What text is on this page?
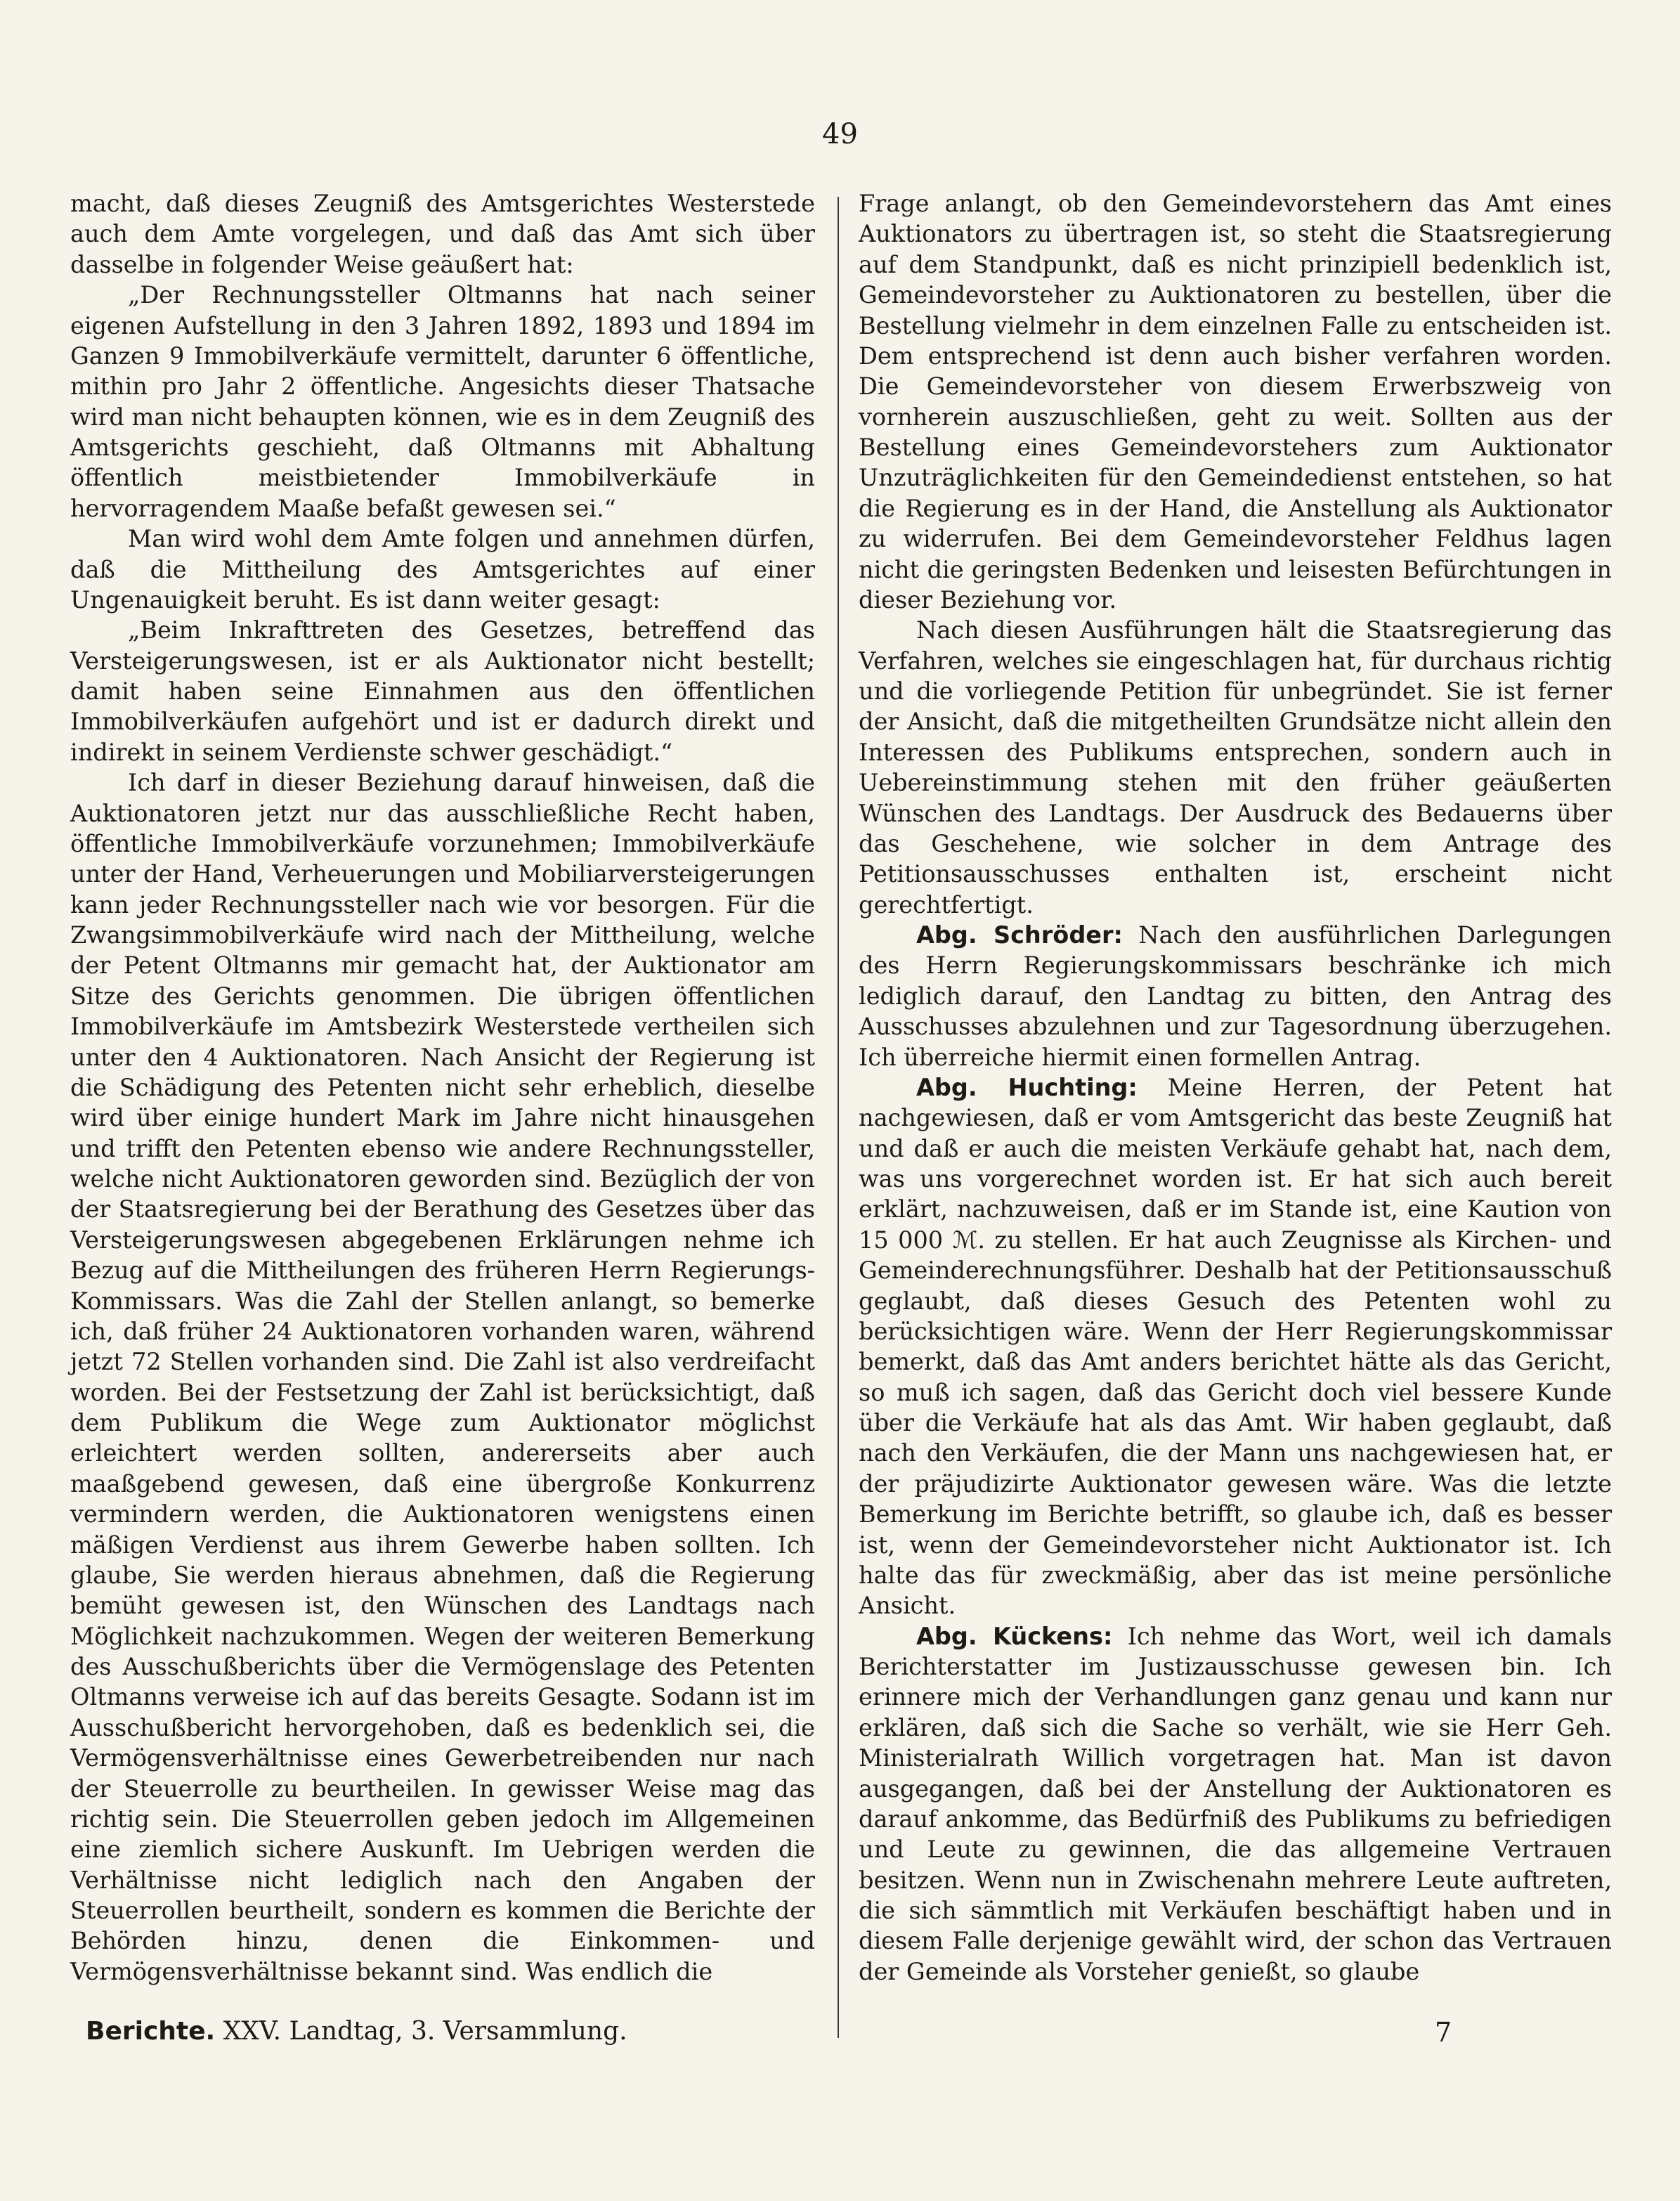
49

macht, daß dieses Zeugniß des Amtsgerichtes Westerstede auch dem Amte vorgelegen, und daß das Amt sich über dasselbe in folgender Weise geäußert hat:

„Der Rechnungssteller Oltmanns hat nach seiner eigenen Aufstellung in den 3 Jahren 1892, 1893 und 1894 im Ganzen 9 Immobilverkäufe vermittelt, darunter 6 öffentliche, mithin pro Jahr 2 öffentliche. Angesichts dieser Thatsache wird man nicht behaupten können, wie es in dem Zeugniß des Amtsgerichts geschieht, daß Oltmanns mit Abhaltung öffentlich meistbietender Immobilverkäufe in hervorragendem Maaße befaßt gewesen sei.“

Man wird wohl dem Amte folgen und annehmen dürfen, daß die Mittheilung des Amtsgerichtes auf einer Ungenauigkeit beruht. Es ist dann weiter gesagt:

„Beim Inkrafttreten des Gesetzes, betreffend das Versteigerungswesen, ist er als Auktionator nicht bestellt; damit haben seine Einnahmen aus den öffentlichen Immobilverkäufen aufgehört und ist er dadurch direkt und indirekt in seinem Verdienste schwer geschädigt.“

Ich darf in dieser Beziehung darauf hinweisen, daß die Auktionatoren jetzt nur das ausschließliche Recht haben, öffentliche Immobilverkäufe vorzunehmen; Immobilverkäufe unter der Hand, Verheuerungen und Mobiliarversteigerungen kann jeder Rechnungssteller nach wie vor besorgen. Für die Zwangsimmobilverkäufe wird nach der Mittheilung, welche der Petent Oltmanns mir gemacht hat, der Auktionator am Sitze des Gerichts genommen. Die übrigen öffentlichen Immobilverkäufe im Amtsbezirk Westerstede vertheilen sich unter den 4 Auktionatoren. Nach Ansicht der Regierung ist die Schädigung des Petenten nicht sehr erheblich, dieselbe wird über einige hundert Mark im Jahre nicht hinausgehen und trifft den Petenten ebenso wie andere Rechnungssteller, welche nicht Auktionatoren geworden sind. Bezüglich der von der Staatsregierung bei der Berathung des Gesetzes über das Versteigerungswesen abgegebenen Erklärungen nehme ich Bezug auf die Mittheilungen des früheren Herrn Regierungs-Kommissars. Was die Zahl der Stellen anlangt, so bemerke ich, daß früher 24 Auktionatoren vorhanden waren, während jetzt 72 Stellen vorhanden sind. Die Zahl ist also verdreifacht worden. Bei der Festsetzung der Zahl ist berücksichtigt, daß dem Publikum die Wege zum Auktionator möglichst erleichtert werden sollten, andererseits aber auch maaßgebend gewesen, daß eine übergroße Konkurrenz vermindern werden, die Auktionatoren wenigstens einen mäßigen Verdienst aus ihrem Gewerbe haben sollten. Ich glaube, Sie werden hieraus abnehmen, daß die Regierung bemüht gewesen ist, den Wünschen des Landtags nach Möglichkeit nachzukommen. Wegen der weiteren Bemerkung des Ausschußberichts über die Vermögenslage des Petenten Oltmanns verweise ich auf das bereits Gesagte. Sodann ist im Ausschußbericht hervorgehoben, daß es bedenklich sei, die Vermögensverhältnisse eines Gewerbetreibenden nur nach der Steuerrolle zu beurtheilen. In gewisser Weise mag das richtig sein. Die Steuerrollen geben jedoch im Allgemeinen eine ziemlich sichere Auskunft. Im Uebrigen werden die Verhältnisse nicht lediglich nach den Angaben der Steuerrollen beurtheilt, sondern es kommen die Berichte der Behörden hinzu, denen die Einkommen- und Vermögensverhältnisse bekannt sind. Was endlich die

Frage anlangt, ob den Gemeindevorstehern das Amt eines Auktionators zu übertragen ist, so steht die Staatsregierung auf dem Standpunkt, daß es nicht prinzipiell bedenklich ist, Gemeindevorsteher zu Auktionatoren zu bestellen, über die Bestellung vielmehr in dem einzelnen Falle zu entscheiden ist. Dem entsprechend ist denn auch bisher verfahren worden. Die Gemeindevorsteher von diesem Erwerbszweig von vornherein auszuschließen, geht zu weit. Sollten aus der Bestellung eines Gemeindevorstehers zum Auktionator Unzuträglichkeiten für den Gemeindedienst entstehen, so hat die Regierung es in der Hand, die Anstellung als Auktionator zu widerrufen. Bei dem Gemeindevorsteher Feldhus lagen nicht die geringsten Bedenken und leisesten Befürchtungen in dieser Beziehung vor.

Nach diesen Ausführungen hält die Staatsregierung das Verfahren, welches sie eingeschlagen hat, für durchaus richtig und die vorliegende Petition für unbegründet. Sie ist ferner der Ansicht, daß die mitgetheilten Grundsätze nicht allein den Interessen des Publikums entsprechen, sondern auch in Uebereinstimmung stehen mit den früher geäußerten Wünschen des Landtags. Der Ausdruck des Bedauerns über das Geschehene, wie solcher in dem Antrage des Petitionsausschusses enthalten ist, erscheint nicht gerechtfertigt.

Abg. Schröder: Nach den ausführlichen Darlegungen des Herrn Regierungskommissars beschränke ich mich lediglich darauf, den Landtag zu bitten, den Antrag des Ausschusses abzulehnen und zur Tagesordnung überzugehen. Ich überreiche hiermit einen formellen Antrag.

Abg. Huchting: Meine Herren, der Petent hat nachgewiesen, daß er vom Amtsgericht das beste Zeugniß hat und daß er auch die meisten Verkäufe gehabt hat, nach dem, was uns vorgerechnet worden ist. Er hat sich auch bereit erklärt, nachzuweisen, daß er im Stande ist, eine Kaution von 15 000 ℳ. zu stellen. Er hat auch Zeugnisse als Kirchen- und Gemeinderechnungsführer. Deshalb hat der Petitionsausschuß geglaubt, daß dieses Gesuch des Petenten wohl zu berücksichtigen wäre. Wenn der Herr Regierungskommissar bemerkt, daß das Amt anders berichtet hätte als das Gericht, so muß ich sagen, daß das Gericht doch viel bessere Kunde über die Verkäufe hat als das Amt. Wir haben geglaubt, daß nach den Verkäufen, die der Mann uns nachgewiesen hat, er der präjudizirte Auktionator gewesen wäre. Was die letzte Bemerkung im Berichte betrifft, so glaube ich, daß es besser ist, wenn der Gemeindevorsteher nicht Auktionator ist. Ich halte das für zweckmäßig, aber das ist meine persönliche Ansicht.

Abg. Kückens: Ich nehme das Wort, weil ich damals Berichterstatter im Justizausschusse gewesen bin. Ich erinnere mich der Verhandlungen ganz genau und kann nur erklären, daß sich die Sache so verhält, wie sie Herr Geh. Ministerialrath Willich vorgetragen hat. Man ist davon ausgegangen, daß bei der Anstellung der Auktionatoren es darauf ankomme, das Bedürfniß des Publikums zu befriedigen und Leute zu gewinnen, die das allgemeine Vertrauen besitzen. Wenn nun in Zwischenahn mehrere Leute auftreten, die sich sämmtlich mit Verkäufen beschäftigt haben und in diesem Falle derjenige gewählt wird, der schon das Vertrauen der Gemeinde als Vorsteher genießt, so glaube

Berichte. XXV. Landtag, 3. Versammlung.	7
